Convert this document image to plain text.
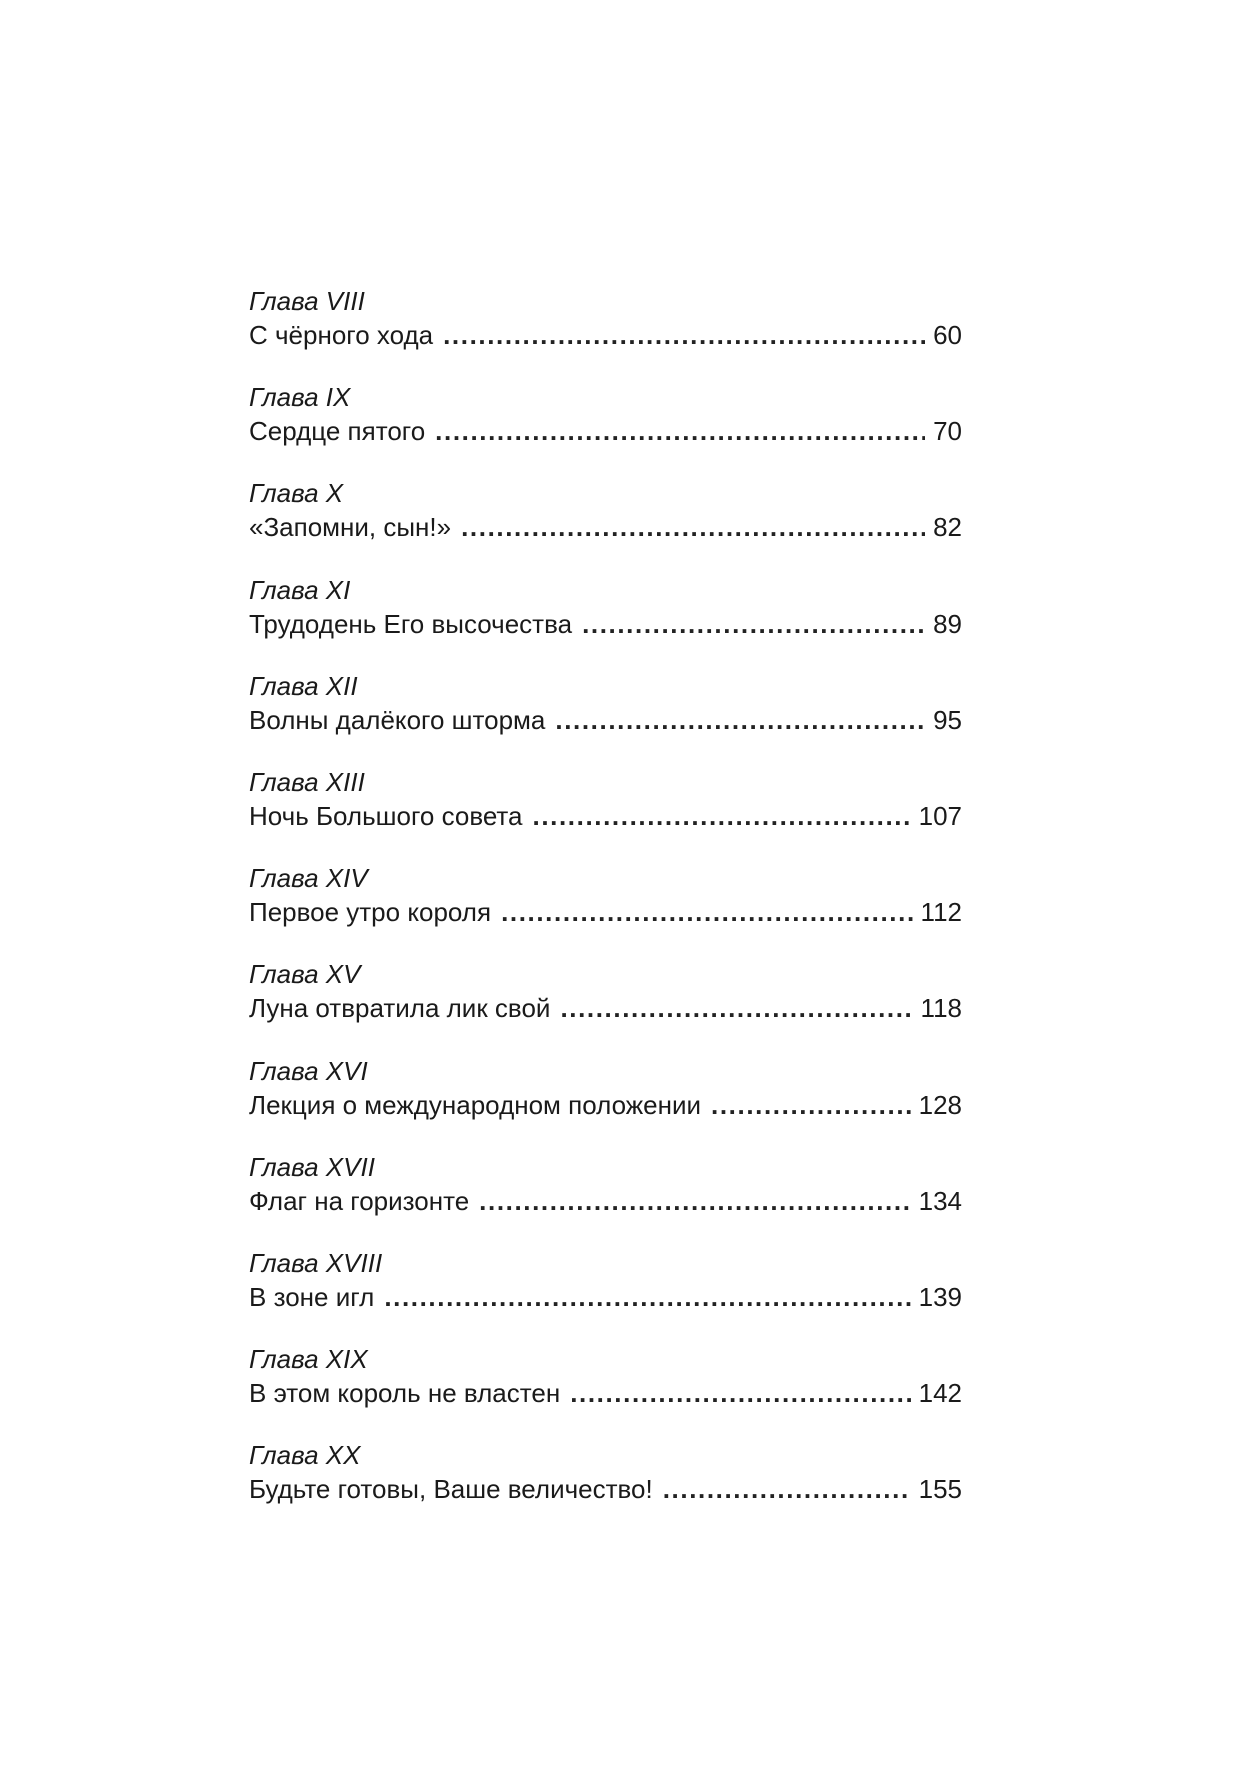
Глава VIII
С чёрного хода .....	60
Глава IX
Сердце пятого .....	70
Глава X
«Запомни, сын!» .....	82
Глава XI
Трудодень Его высочества .....	89
Глава XII
Волны далёкого шторма .....	95
Глава XIII
Ночь Большого совета .....	107
Глава XIV
Первое утро короля .....	112
Глава XV
Луна отвратила лик свой .....	118
Глава XVI
Лекция о международном положении .....	128
Глава XVII
Флаг на горизонте .....	134
Глава XVIII
В зоне игл .....	139
Глава XIX
В этом король не властен .....	142
Глава XX
Будьте готовы, Ваше величество! .....	155
